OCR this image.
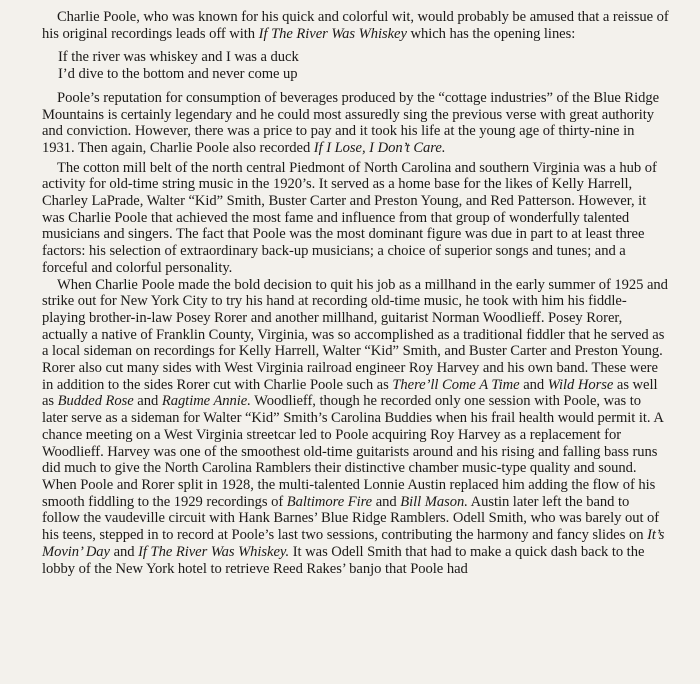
Charlie Poole, who was known for his quick and colorful wit, would probably be amused that a reissue of his original recordings leads off with If The River Was Whiskey which has the opening lines:

If the river was whiskey and I was a duck
I’d dive to the bottom and never come up

Poole’s reputation for consumption of beverages produced by the “cottage industries” of the Blue Ridge Mountains is certainly legendary and he could most assuredly sing the previous verse with great authority and conviction. However, there was a price to pay and it took his life at the young age of thirty-nine in 1931. Then again, Charlie Poole also recorded If I Lose, I Don’t Care.

The cotton mill belt of the north central Piedmont of North Carolina and southern Virginia was a hub of activity for old-time string music in the 1920’s. It served as a home base for the likes of Kelly Harrell, Charley LaPrade, Walter “Kid” Smith, Buster Carter and Preston Young, and Red Patterson. However, it was Charlie Poole that achieved the most fame and influence from that group of wonderfully talented musicians and singers. The fact that Poole was the most dominant figure was due in part to at least three factors: his selection of extraordinary back-up musicians; a choice of superior songs and tunes; and a forceful and colorful personality.

When Charlie Poole made the bold decision to quit his job as a millhand in the early summer of 1925 and strike out for New York City to try his hand at recording old-time music, he took with him his fiddle-playing brother-in-law Posey Rorer and another millhand, guitarist Norman Woodlieff. Posey Rorer, actually a native of Franklin County, Virginia, was so accomplished as a traditional fiddler that he served as a local sideman on recordings for Kelly Harrell, Walter “Kid” Smith, and Buster Carter and Preston Young. Rorer also cut many sides with West Virginia railroad engineer Roy Harvey and his own band. These were in addition to the sides Rorer cut with Charlie Poole such as There’ll Come A Time and Wild Horse as well as Budded Rose and Ragtime Annie. Woodlieff, though he recorded only one session with Poole, was to later serve as a sideman for Walter “Kid” Smith’s Carolina Buddies when his frail health would permit it. A chance meeting on a West Virginia streetcar led to Poole acquiring Roy Harvey as a replacement for Woodlieff. Harvey was one of the smoothest old-time guitarists around and his rising and falling bass runs did much to give the North Carolina Ramblers their distinctive chamber music-type quality and sound. When Poole and Rorer split in 1928, the multi-talented Lonnie Austin replaced him adding the flow of his smooth fiddling to the 1929 recordings of Baltimore Fire and Bill Mason. Austin later left the band to follow the vaudeville circuit with Hank Barnes’ Blue Ridge Ramblers. Odell Smith, who was barely out of his teens, stepped in to record at Poole’s last two sessions, contributing the harmony and fancy slides on It’s Movin’ Day and If The River Was Whiskey. It was Odell Smith that had to make a quick dash back to the lobby of the New York hotel to retrieve Reed Rakes’ banjo that Poole had
